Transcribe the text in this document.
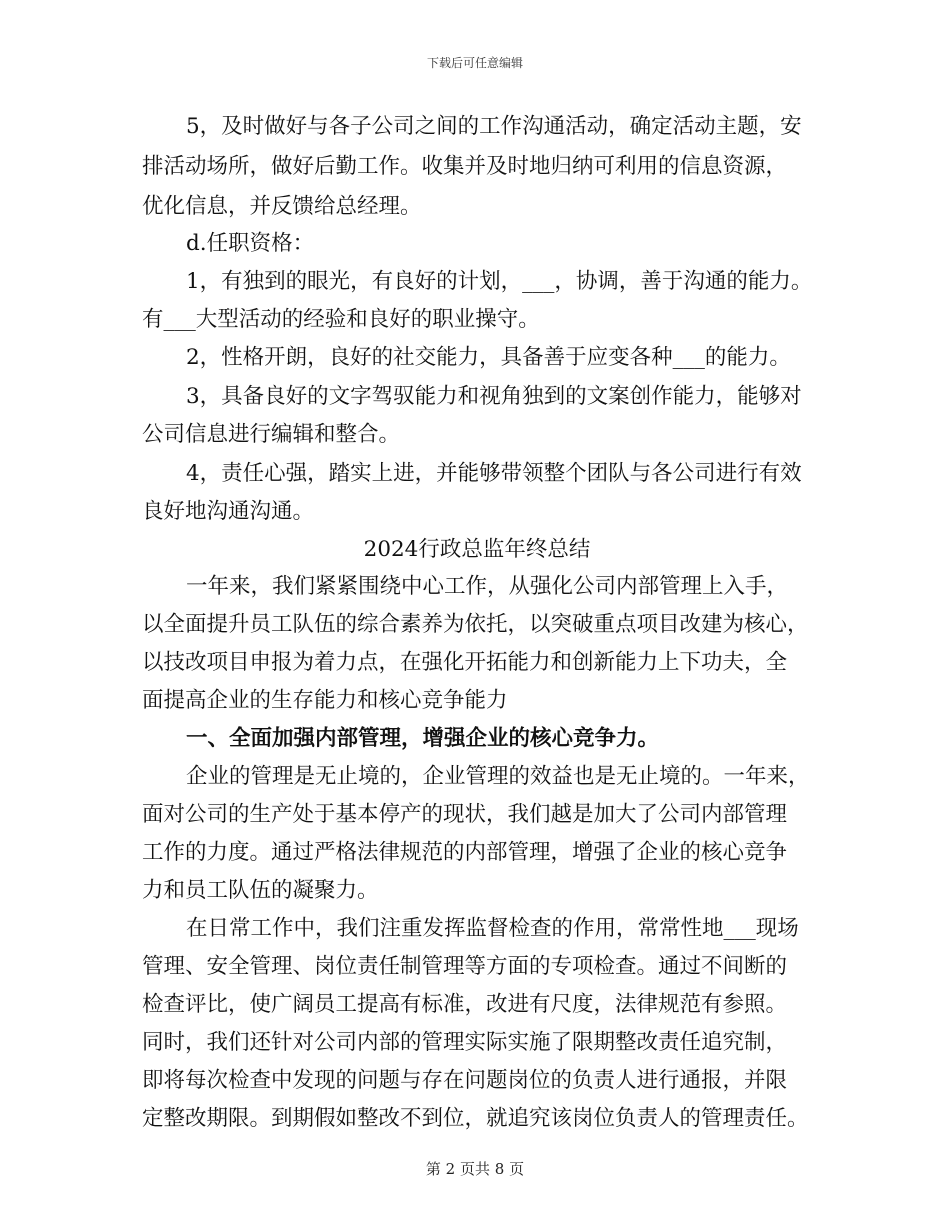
下载后可任意编辑
5，及时做好与各子公司之间的工作沟通活动，确定活动主题，安
排活动场所，做好后勤工作。收集并及时地归纳可利用的信息资源，
优化信息，并反馈给总经理。
d.任职资格：
1，有独到的眼光，有良好的计划，___，协调，善于沟通的能力。
有___大型活动的经验和良好的职业操守。
2，性格开朗，良好的社交能力，具备善于应变各种___的能力。
3，具备良好的文字驾驭能力和视角独到的文案创作能力，能够对
公司信息进行编辑和整合。
4，责任心强，踏实上进，并能够带领整个团队与各公司进行有效
良好地沟通沟通。
2024行政总监年终总结
一年来，我们紧紧围绕中心工作，从强化公司内部管理上入手，
以全面提升员工队伍的综合素养为依托，以突破重点项目改建为核心，
以技改项目申报为着力点，在强化开拓能力和创新能力上下功夫，全
面提高企业的生存能力和核心竞争能力
一、全面加强内部管理，增强企业的核心竞争力。
企业的管理是无止境的，企业管理的效益也是无止境的。一年来，
面对公司的生产处于基本停产的现状，我们越是加大了公司内部管理
工作的力度。通过严格法律规范的内部管理，增强了企业的核心竞争
力和员工队伍的凝聚力。
在日常工作中，我们注重发挥监督检查的作用，常常性地___现场
管理、安全管理、岗位责任制管理等方面的专项检查。通过不间断的
检查评比，使广阔员工提高有标准，改进有尺度，法律规范有参照。
同时，我们还针对公司内部的管理实际实施了限期整改责任追究制，
即将每次检查中发现的问题与存在问题岗位的负责人进行通报，并限
定整改期限。到期假如整改不到位，就追究该岗位负责人的管理责任。
第 2 页共 8 页
